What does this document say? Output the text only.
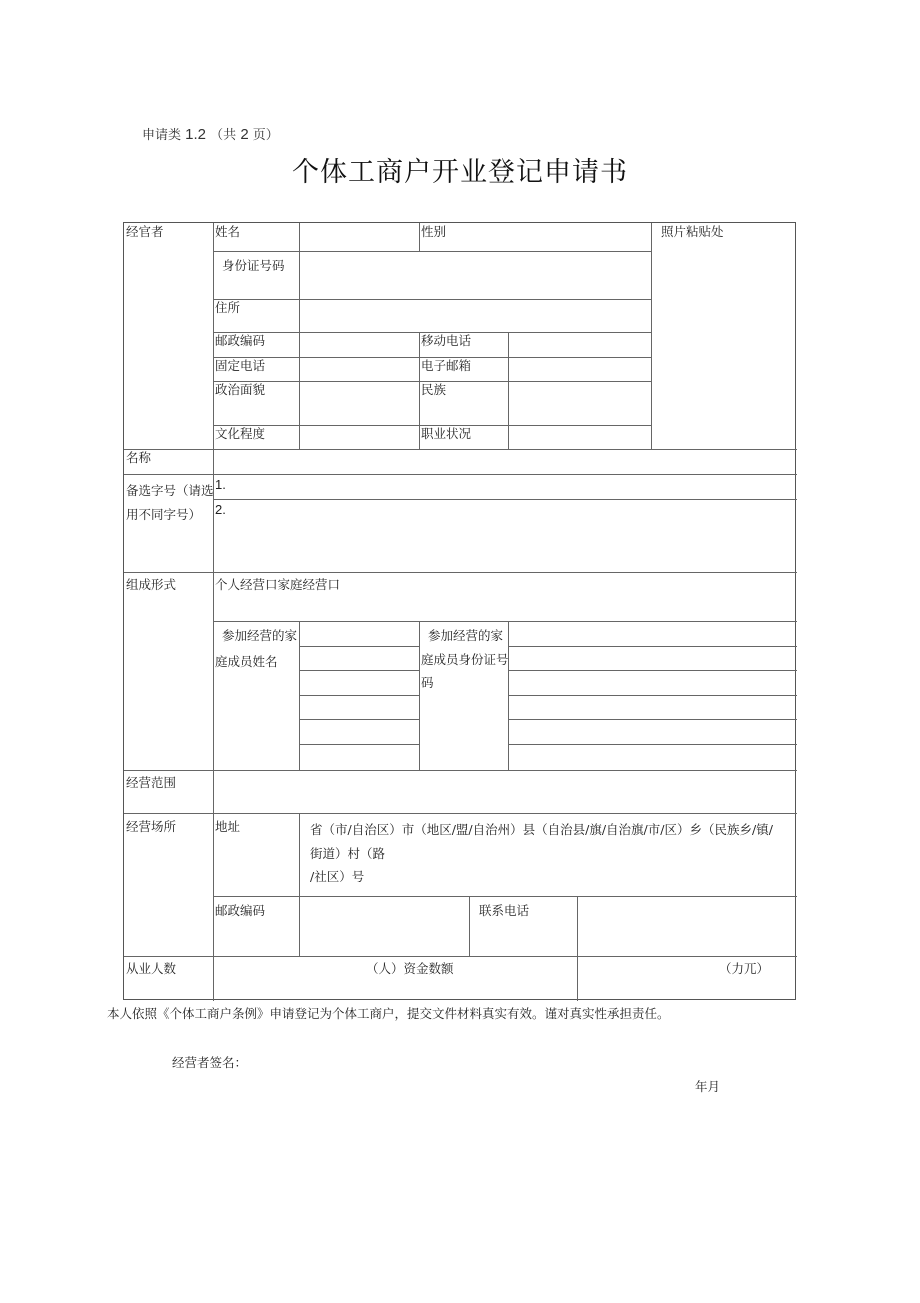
申请类 1.2 （共 2 页）
个体工商户开业登记申请书
经官者	姓名	性别	照片粘贴处
身份证号码
住所
邮政编码	移动电话
固定电话	电子邮箱
政治面貌	民族
文化程度	职业状况
名称
备选字号（请选
用不同字号）
1.
2.
组成形式	个人经营口家庭经营口
参加经营的家
庭成员姓名
参加经营的家
庭成员身份证号
码
经营范围
经营场所	地址	省（市/自治区）市（地区/盟/自治州）县（自治县/旗/自治旗/市/区）乡（民族乡/镇/
街道）村（路
/社区）号
邮政编码	联系电话
从业人数	（人）资金数额	（力兀）
本人依照《个体工商户条例》申请登记为个体工商户，提交文件材料真实有效。谨对真实性承担责任。
经营者签名：
年月
